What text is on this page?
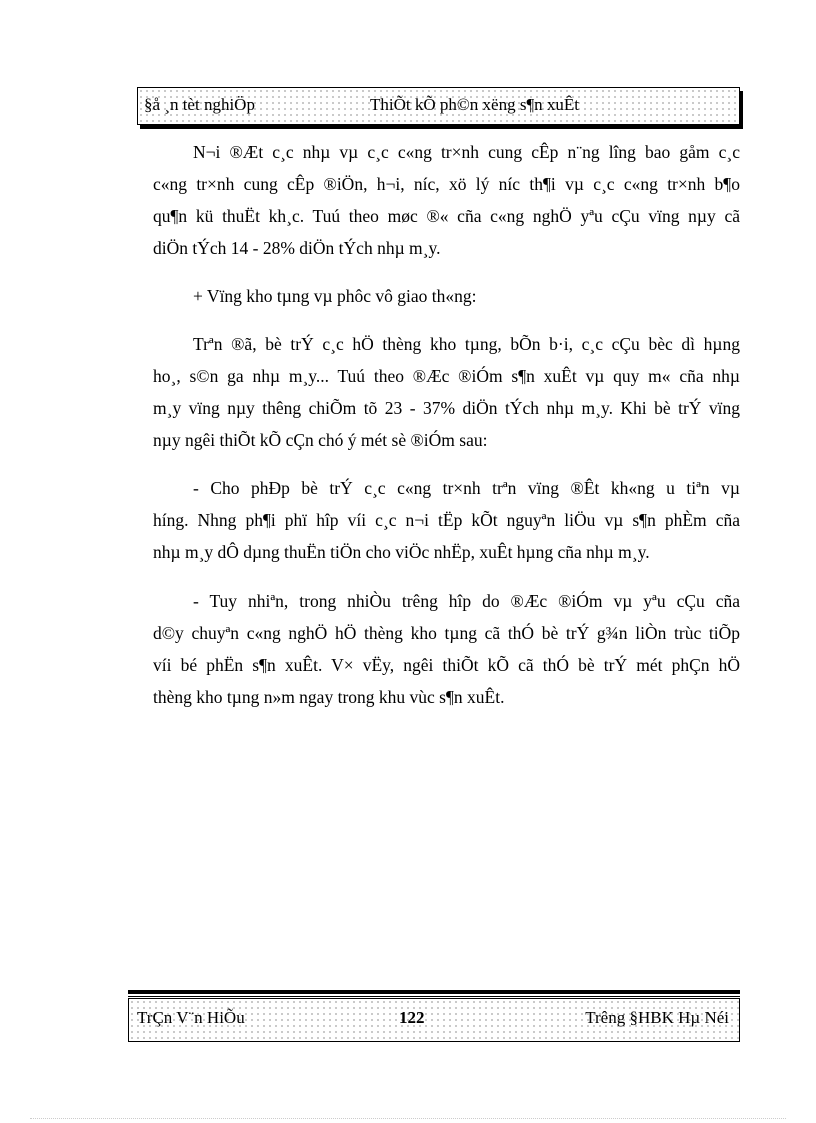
§å ¸n tèt nghiÖp	ThiÕt kÕ ph©n xëng s¶n xuÊt
N¬i ®Æt c¸c nhµ vµ c¸c c«ng tr×nh cung cÊp n¨ng lîng bao gåm c¸c
c«ng tr×nh cung cÊp ®iÖn, h¬i, níc, xö lý níc th¶i vµ c¸c c«ng tr×nh b¶o
qu¶n kü thuËt kh¸c. Tuú theo møc ®« cña c«ng nghÖ yªu cÇu vïng nµy cã
diÖn tÝch 14 - 28% diÖn tÝch nhµ m¸y.
+ Vïng kho tµng vµ phôc vô giao th«ng:
Trªn ®ã, bè trÝ c¸c hÖ thèng kho tµng, bÕn b·i, c¸c cÇu bèc dì hµng
ho¸, s©n ga nhµ m¸y... Tuú theo ®Æc ®iÓm s¶n xuÊt vµ quy m« cña nhµ
m¸y vïng nµy thêng chiÕm tõ 23 - 37% diÖn tÝch nhµ m¸y. Khi bè trÝ vïng
nµy ngêi thiÕt kÕ cÇn chó ý mét sè ®iÓm sau:
- Cho phÐp bè trÝ c¸c c«ng tr×nh trªn vïng ®Êt kh«ng u tiªn vµ
híng. Nhng ph¶i phï hîp víi c¸c n¬i tËp kÕt nguyªn liÖu vµ s¶n phÈm cña
nhµ m¸y dÔ dµng thuËn tiÖn cho viÖc nhËp, xuÊt hµng cña nhµ m¸y.
- Tuy nhiªn, trong nhiÒu trêng hîp do ®Æc ®iÓm vµ yªu cÇu cña
d©y chuyªn c«ng nghÖ hÖ thèng kho tµng cã thÓ bè trÝ g¾n liÒn trùc tiÕp
víi bé phËn s¶n xuÊt. V× vËy, ngêi thiÕt kÕ cã thÓ bè trÝ mét phÇn hÖ
thèng kho tµng n»m ngay trong khu vùc s¶n xuÊt.
TrÇn V¨n HiÕu	122	Trêng §HBK Hµ Néi
